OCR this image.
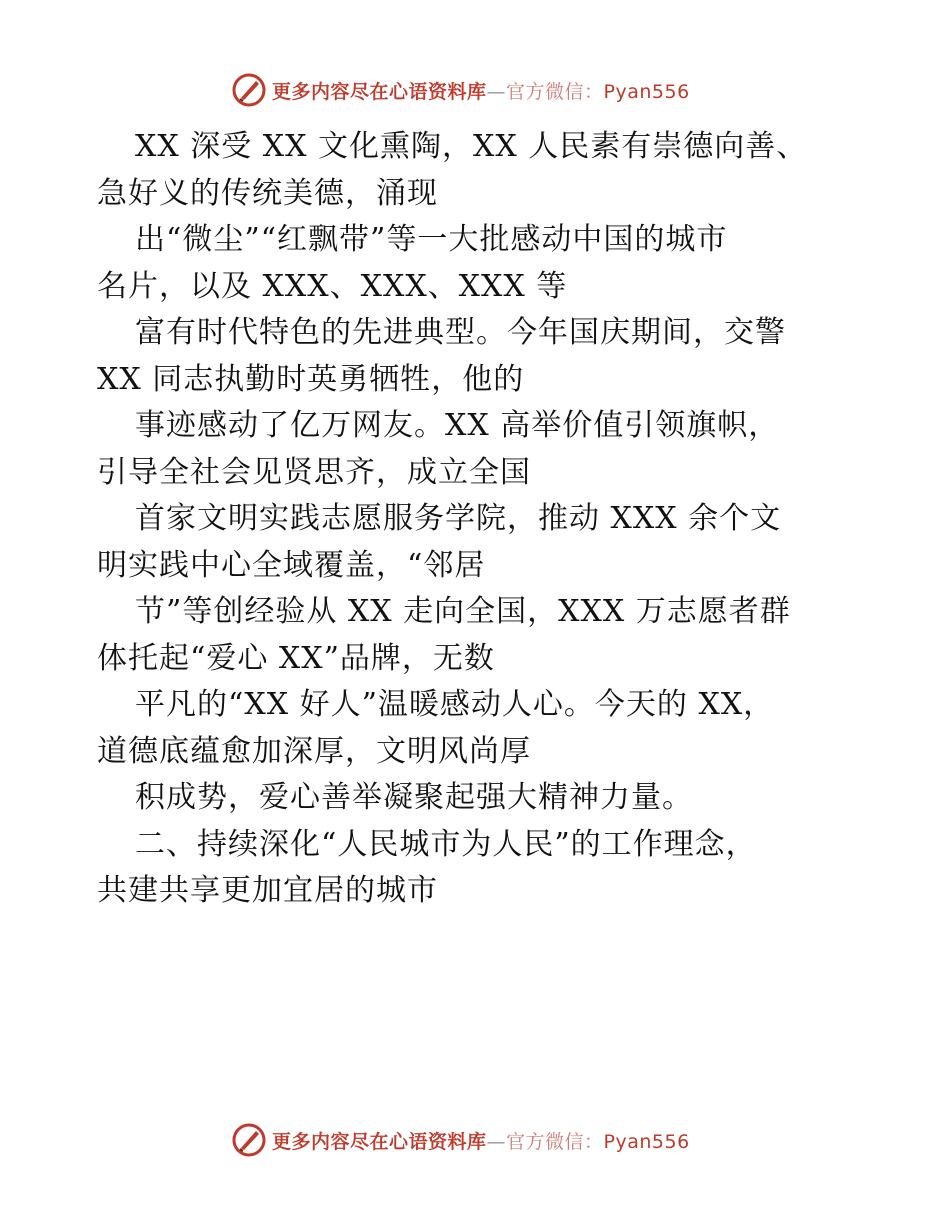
更多内容尽在心语资料库—官方微信：Pyan556
XX 深受 XX 文化熏陶，XX 人民素有崇德向善、
急好义的传统美德，涌现
出“微尘”“红飘带”等一大批感动中国的城市
名片，以及 XXX、XXX、XXX 等
富有时代特色的先进典型。今年国庆期间，交警
XX 同志执勤时英勇牺牲，他的
事迹感动了亿万网友。XX 高举价值引领旗帜，
引导全社会见贤思齐，成立全国
首家文明实践志愿服务学院，推动 XXX 余个文
明实践中心全域覆盖，“邻居
节”等创经验从 XX 走向全国，XXX 万志愿者群
体托起“爱心 XX”品牌，无数
平凡的“XX 好人”温暖感动人心。今天的 XX，
道德底蕴愈加深厚，文明风尚厚
积成势，爱心善举凝聚起强大精神力量。
二、持续深化“人民城市为人民”的工作理念，
共建共享更加宜居的城市
更多内容尽在心语资料库—官方微信：Pyan556
